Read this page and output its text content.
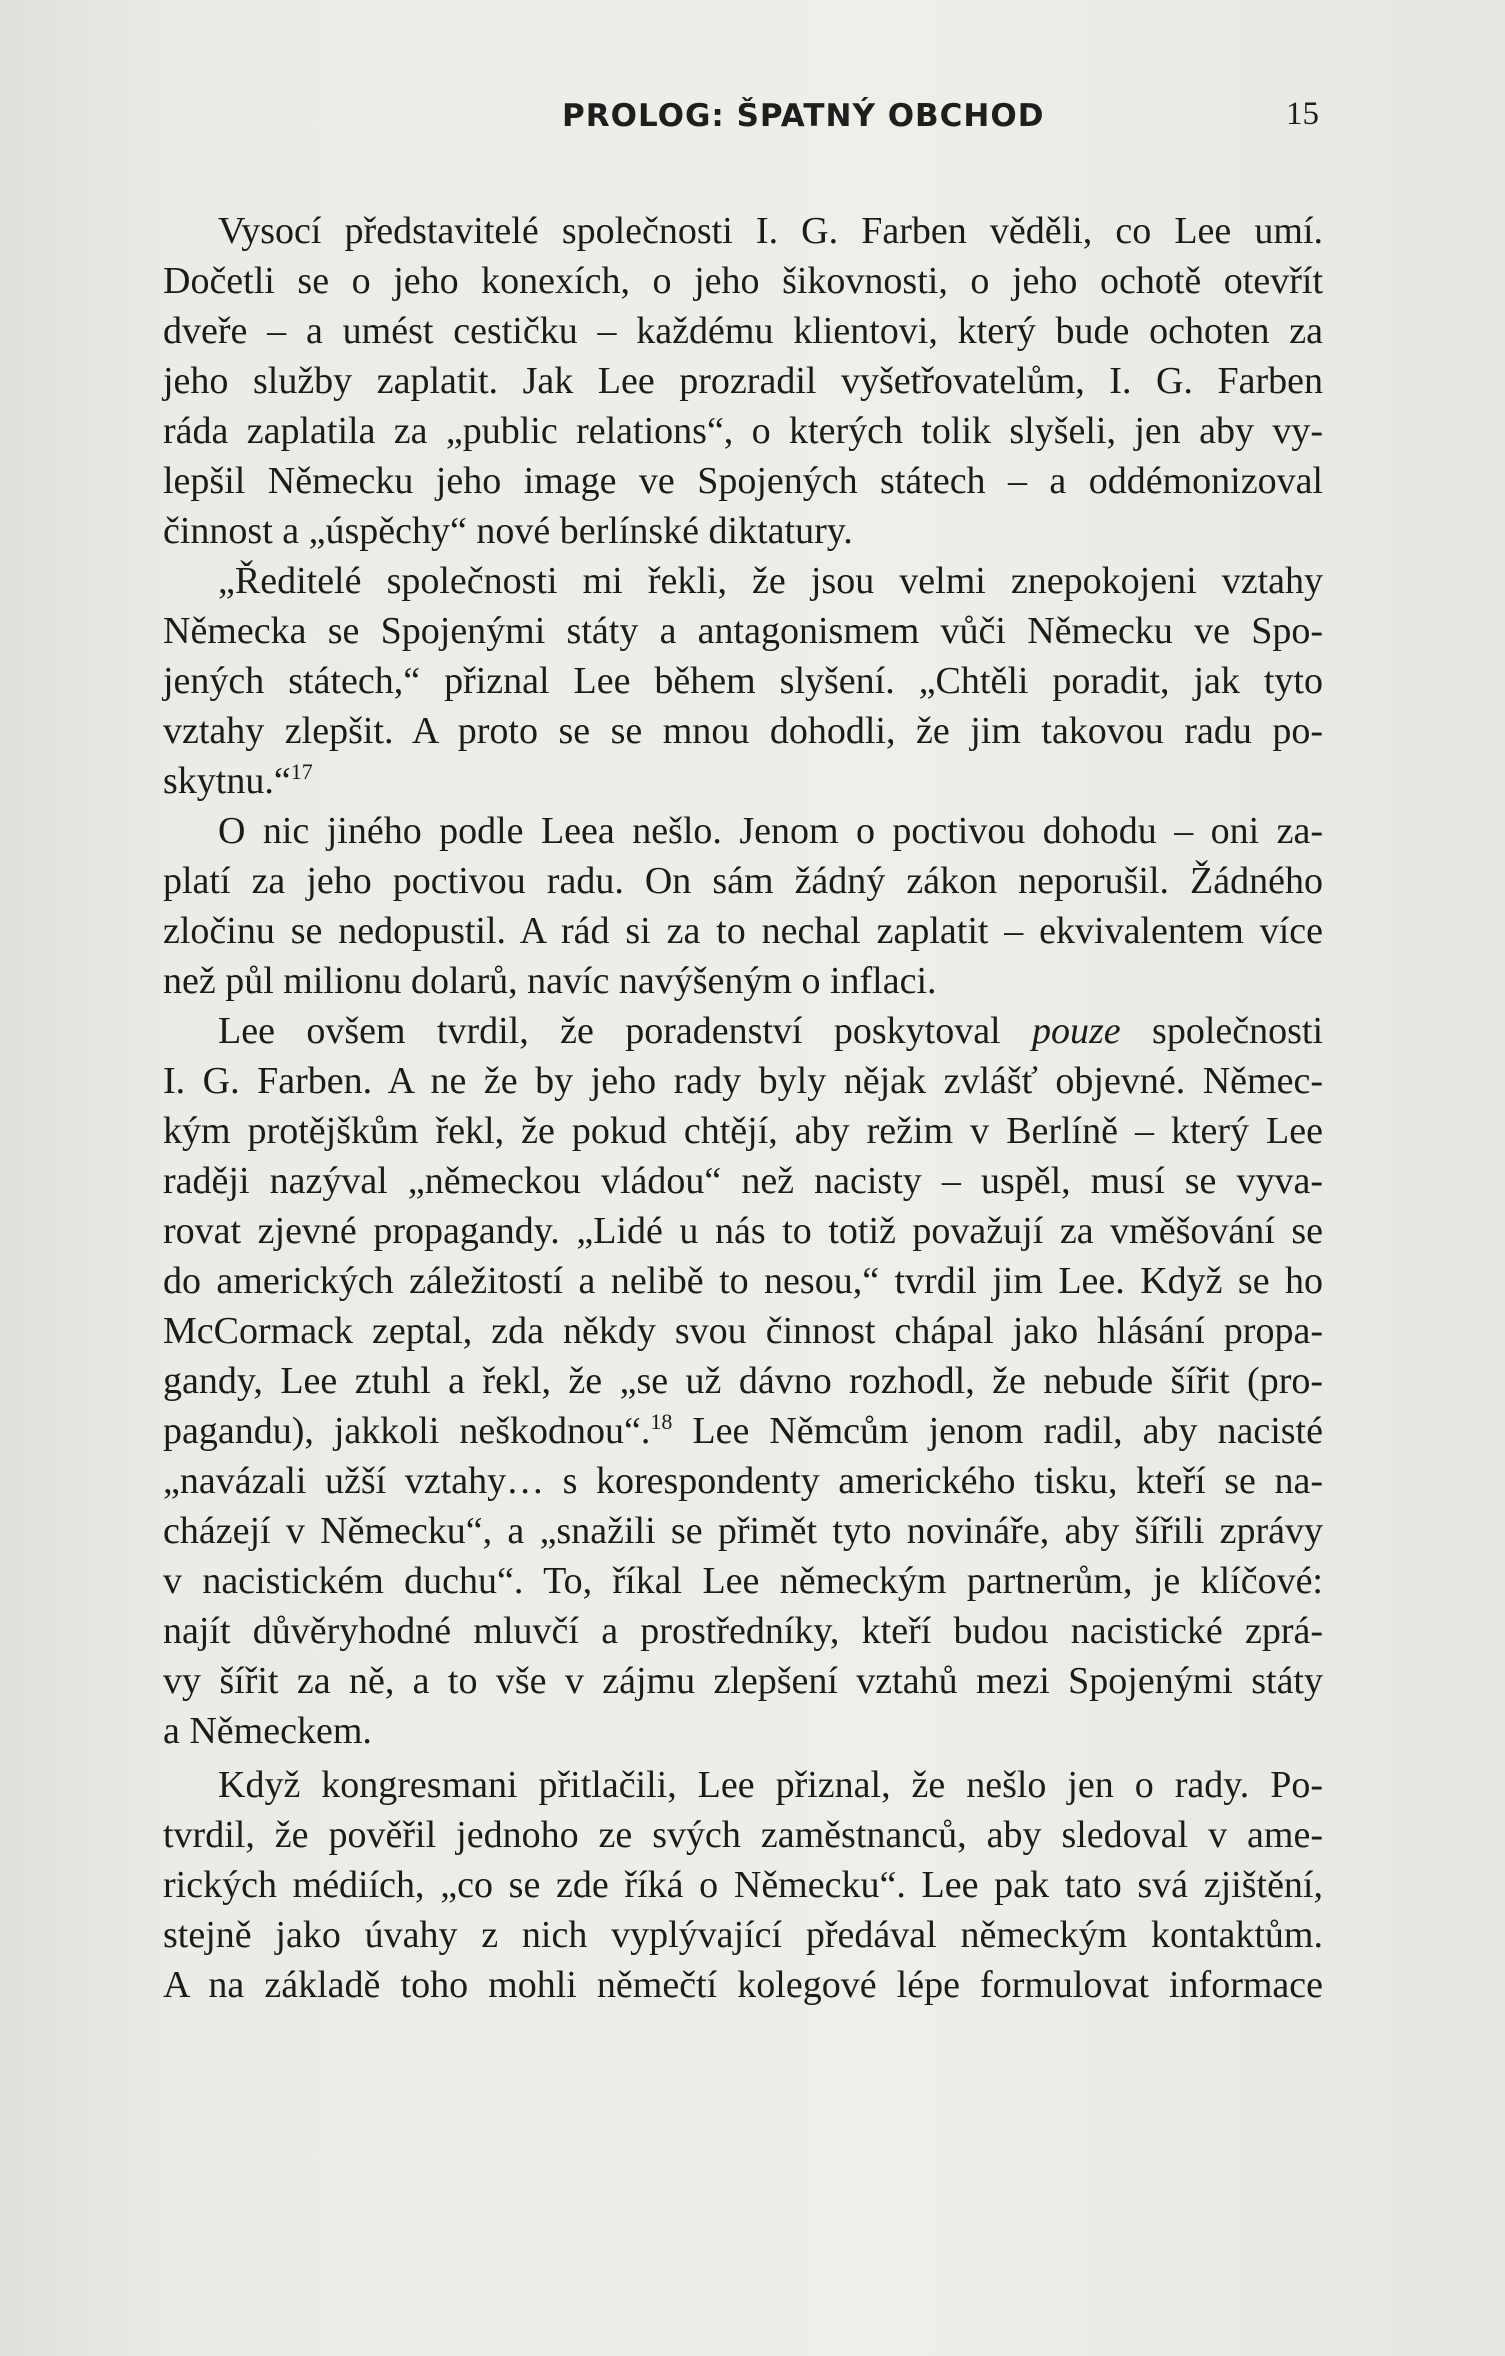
PROLOG: ŠPATNÝ OBCHOD	15
Vysocí představitelé společnosti I. G. Farben věděli, co Lee umí.
Dočetli se o jeho konexích, o jeho šikovnosti, o jeho ochotě otevřít
dveře – a umést cestičku – každému klientovi, který bude ochoten za
jeho služby zaplatit. Jak Lee prozradil vyšetřovatelům, I. G. Farben
ráda zaplatila za „public relations“, o kterých tolik slyšeli, jen aby vy-
lepšil Německu jeho image ve Spojených státech – a oddémonizoval
činnost a „úspěchy“ nové berlínské diktatury.
„Ředitelé společnosti mi řekli, že jsou velmi znepokojeni vztahy
Německa se Spojenými státy a antagonismem vůči Německu ve Spo-
jených státech,“ přiznal Lee během slyšení. „Chtěli poradit, jak tyto
vztahy zlepšit. A proto se se mnou dohodli, že jim takovou radu po-
skytnu.“$^{17}$
O nic jiného podle Leea nešlo. Jenom o poctivou dohodu – oni za-
platí za jeho poctivou radu. On sám žádný zákon neporušil. Žádného
zločinu se nedopustil. A rád si za to nechal zaplatit – ekvivalentem více
než půl milionu dolarů, navíc navýšeným o inflaci.
Lee ovšem tvrdil, že poradenství poskytoval pouze společnosti
I. G. Farben. A ne že by jeho rady byly nějak zvlášť objevné. Němec-
kým protějškům řekl, že pokud chtějí, aby režim v Berlíně – který Lee
raději nazýval „německou vládou“ než nacisty – uspěl, musí se vyva-
rovat zjevné propagandy. „Lidé u nás to totiž považují za vměšování se
do amerických záležitostí a nelibě to nesou,“ tvrdil jim Lee. Když se ho
McCormack zeptal, zda někdy svou činnost chápal jako hlásání propa-
gandy, Lee ztuhl a řekl, že „se už dávno rozhodl, že nebude šířit (pro-
pagandu), jakkoli neškodnou“.$^{18}$ Lee Němcům jenom radil, aby nacisté
„navázali užší vztahy… s korespondenty amerického tisku, kteří se na-
cházejí v Německu“, a „snažili se přimět tyto novináře, aby šířili zprávy
v nacistickém duchu“. To, říkal Lee německým partnerům, je klíčové:
najít důvěryhodné mluvčí a prostředníky, kteří budou nacistické zprá-
vy šířit za ně, a to vše v zájmu zlepšení vztahů mezi Spojenými státy
a Německem.
Když kongresmani přitlačili, Lee přiznal, že nešlo jen o rady. Po-
tvrdil, že pověřil jednoho ze svých zaměstnanců, aby sledoval v ame-
rických médiích, „co se zde říká o Německu“. Lee pak tato svá zjištění,
stejně jako úvahy z nich vyplývající předával německým kontaktům.
A na základě toho mohli němečtí kolegové lépe formulovat informace
